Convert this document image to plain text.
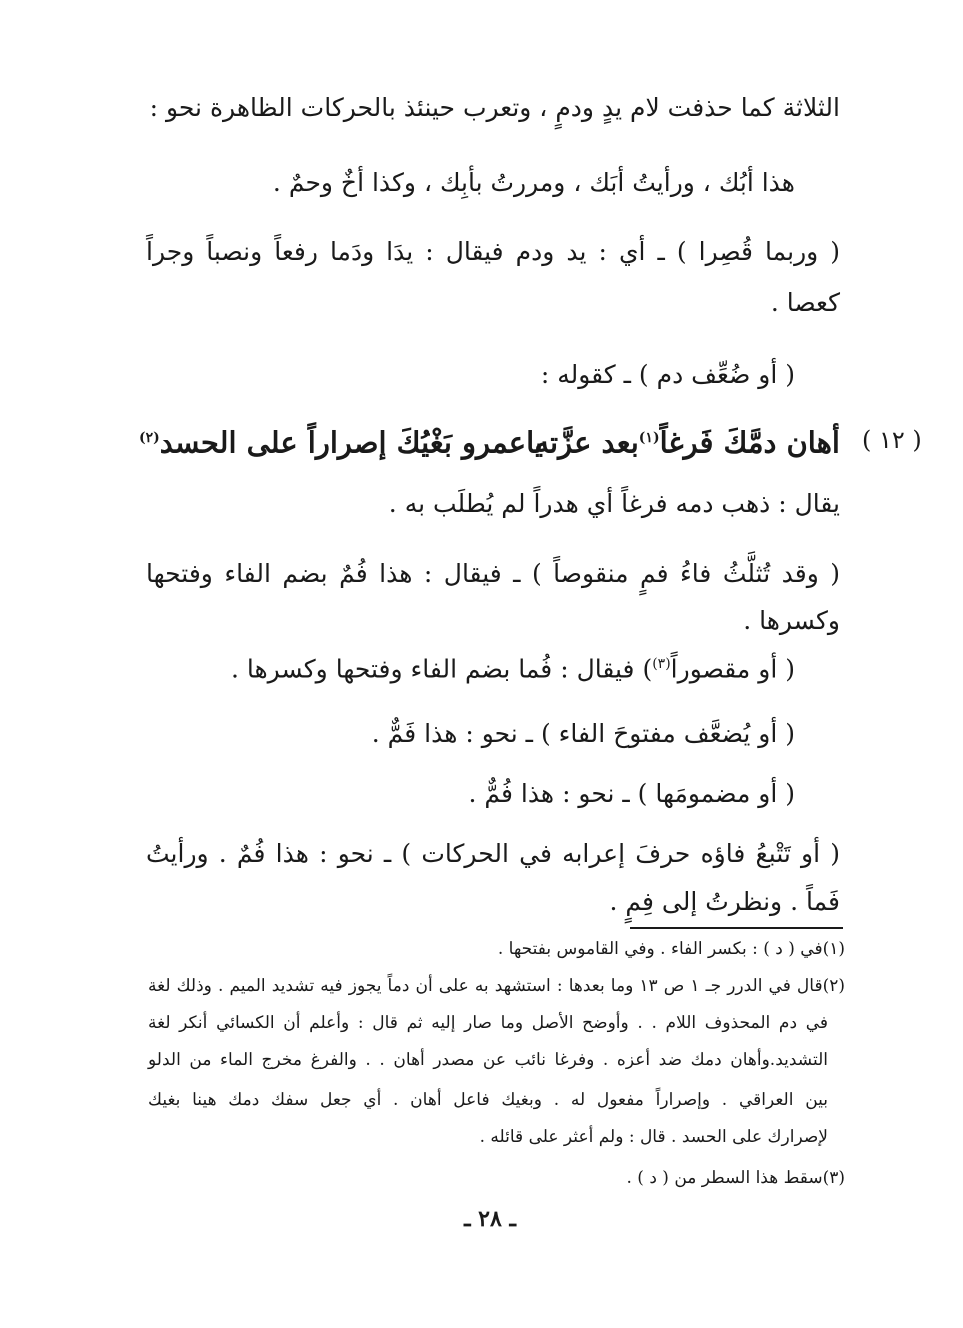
الثلاثة كما حذفت لام يدٍ ودمٍ ، وتعرب حينئذ بالحركات الظاهرة نحو :
هذا أبُك ، ورأيتُ أبَك ، ومررتُ بأبِك ، وكذا أخٌ وحمٌ .
( وربما قُصِرا ) ـ أي : يد ودم فيقال : يدَا ودَما رفعاً ونصباً وجراً
كعصا .
( أو ضُعِّف دم ) ـ كقوله :
( ١٢ )
أهان دمَّكَ فَرغاً$^{(١)}$بعد عزَّته
ياعمرو بَغْيُكَ إصراراً على الحسد$^{(٢)}$
يقال : ذهب دمه فرغاً أي هدراً لم يُطلَب به .
( وقد تُثلَّثُ فاءُ فمٍ منقوصاً ) ـ فيقال : هذا فُمٌ بضم الفاء وفتحها
وكسرها .
( أو مقصوراً$^{(٣)}$) فيقال : فُما بضم الفاء وفتحها وكسرها .
( أو يُضعَّف مفتوحَ الفاء ) ـ نحو : هذا فَمٌّ .
( أو مضمومَها ) ـ نحو : هذا فُمٌّ .
( أو تَتْبعُ فاؤه حرفَ إعرابه في الحركات ) ـ نحو : هذا فُمٌ . ورأيتُ
فَماً . ونظرتُ إلى فِمٍ .
(١)في ( د ) : بكسر الفاء . وفي القاموس بفتحها .
(٢)قال في الدرر جـ ١ ص ١٣ وما بعدها : استشهد به على أن دماً يجوز فيه تشديد الميم . وذلك لغة
في دم المحذوف اللام . . وأوضح الأصل وما صار إليه ثم قال : وأعلم أن الكسائي أنكر لغة
التشديد.وأهان دمك ضد أعزه . وفرغا نائب عن مصدر أهان . . والفرغ مخرج الماء من الدلو
بين العراقي . وإصراراً مفعول له . وبغيك فاعل أهان . أي جعل سفك دمك هينا بغيك
لإصرارك على الحسد . قال : ولم أعثر على قائله .
(٣)سقط هذا السطر من ( د ) .
ـ ٢٨ ـ
